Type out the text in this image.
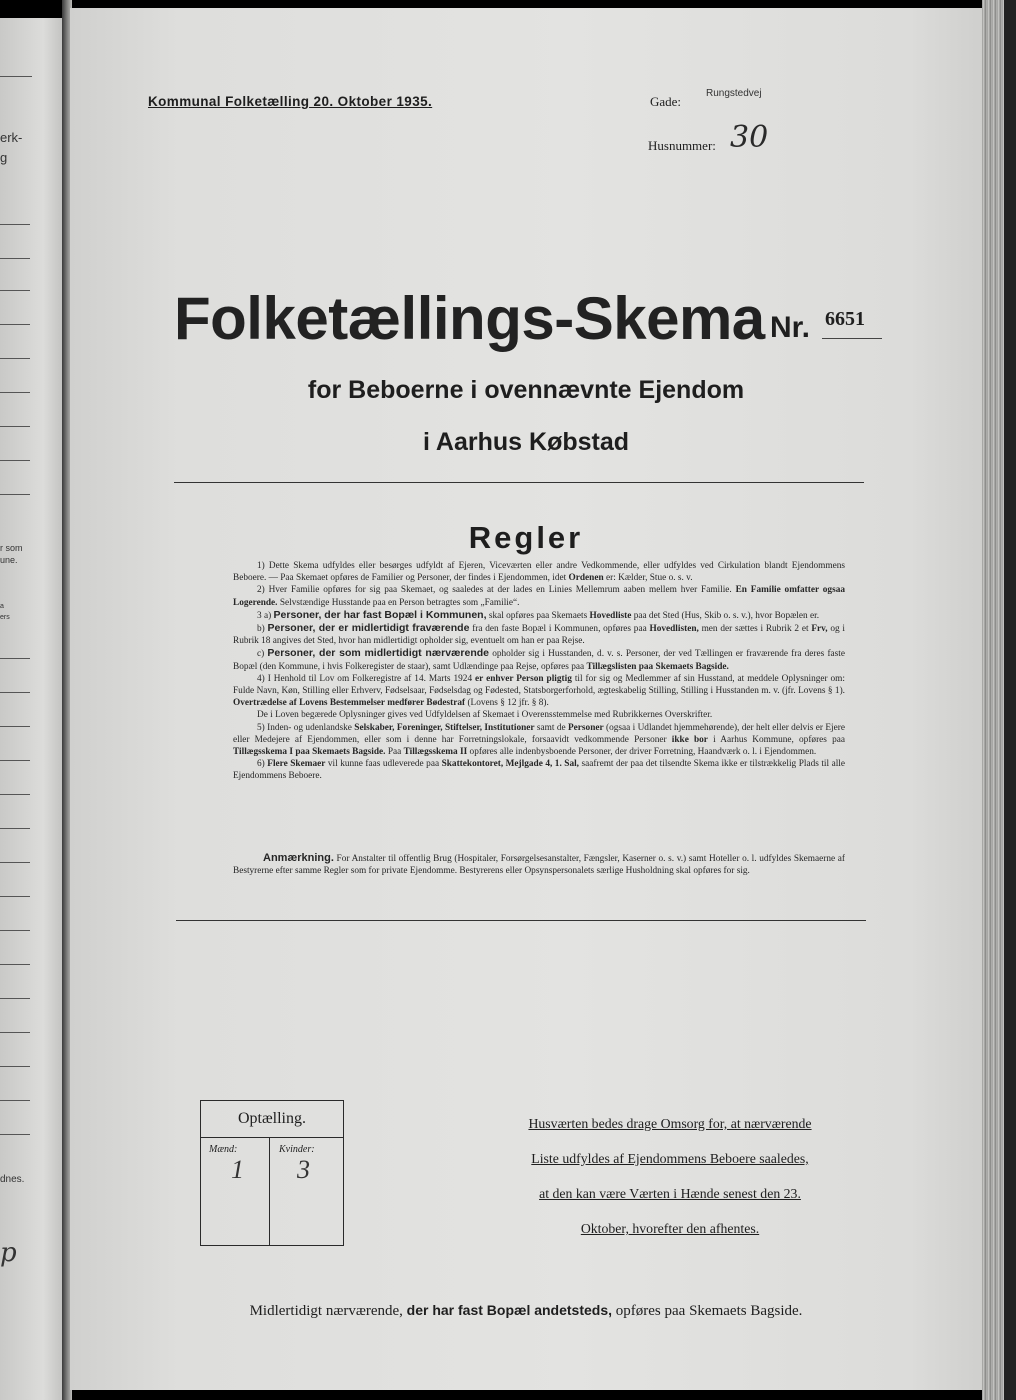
erk-
g
r som
une.
a
ers
dnes.
p
Kommunal Folketælling 20. Oktober 1935.	Gade:
Rungstedvej
Husnummer: 30
Folketællings-Skema Nr. 6651
for Beboerne i ovennævnte Ejendom
i Aarhus Købstad
Regler

1) Dette Skema udfyldes eller besørges udfyldt af Ejeren, Viceværten eller andre Vedkommende, eller udfyldes ved Cirkulation blandt Ejendommens Beboere. — Paa Skemaet opføres de Familier og Personer, der findes i Ejendommen, idet Ordenen er: Kælder, Stue o. s. v.

2) Hver Familie opføres for sig paa Skemaet, og saaledes at der lades en Linies Mellemrum aaben mellem hver Familie. En Familie omfatter ogsaa Logerende. Selvstændige Husstande paa en Person betragtes som „Familie“.

3 a) Personer, der har fast Bopæl i Kommunen, skal opføres paa Skemaets Hovedliste paa det Sted (Hus, Skib o. s. v.), hvor Bopælen er.

b) Personer, der er midlertidigt fraværende fra den faste Bopæl i Kommunen, opføres paa Hovedlisten, men der sættes i Rubrik 2 et Frv, og i Rubrik 18 angives det Sted, hvor han midlertidigt opholder sig, eventuelt om han er paa Rejse.

c) Personer, der som midlertidigt nærværende opholder sig i Husstanden, d. v. s. Personer, der ved Tællingen er fraværende fra deres faste Bopæl (den Kommune, i hvis Folkeregister de staar), samt Udlændinge paa Rejse, opføres paa Tillægslisten paa Skemaets Bagside.

4) I Henhold til Lov om Folkeregistre af 14. Marts 1924 er enhver Person pligtig til for sig og Medlemmer af sin Husstand, at meddele Oplysninger om: Fulde Navn, Køn, Stilling eller Erhverv, Fødselsaar, Fødselsdag og Fødested, Statsborgerforhold, ægteskabelig Stilling, Stilling i Husstanden m. v. (jfr. Lovens § 1). Overtrædelse af Lovens Bestemmelser medfører Bødestraf (Lovens § 12 jfr. § 8).

De i Loven begærede Oplysninger gives ved Udfyldelsen af Skemaet i Overensstemmelse med Rubrikkernes Overskrifter.

5) Inden- og udenlandske Selskaber, Foreninger, Stiftelser, Institutioner samt de Personer (ogsaa i Udlandet hjemmehørende), der helt eller delvis er Ejere eller Medejere af Ejendommen, eller som i denne har Forretningslokale, forsaavidt vedkommende Personer ikke bor i Aarhus Kommune, opføres paa Tillægsskema I paa Skemaets Bagside. Paa Tillægsskema II opføres alle indenbysboende Personer, der driver Forretning, Haandværk o. l. i Ejendommen.

6) Flere Skemaer vil kunne faas udleverede paa Skattekontoret, Mejlgade 4, 1. Sal, saafremt der paa det tilsendte Skema ikke er tilstrækkelig Plads til alle Ejendommens Beboere.

Anmærkning. For Anstalter til offentlig Brug (Hospitaler, Forsørgelsesanstalter, Fængsler, Kaserner o. s. v.) samt Hoteller o. l. udfyldes Skemaerne af Bestyrerne efter samme Regler som for private Ejendomme. Bestyrerens eller Opsynspersonalets særlige Husholdning skal opføres for sig.

Optælling.
Mænd:	Kvinder:
1 3
Husværten bedes drage Omsorg for, at nærværende
Liste udfyldes af Ejendommens Beboere saaledes,
at den kan være Værten i Hænde senest den 23.
Oktober, hvorefter den afhentes.
Midlertidigt nærværende, der har fast Bopæl andetsteds, opføres paa Skemaets Bagside.
